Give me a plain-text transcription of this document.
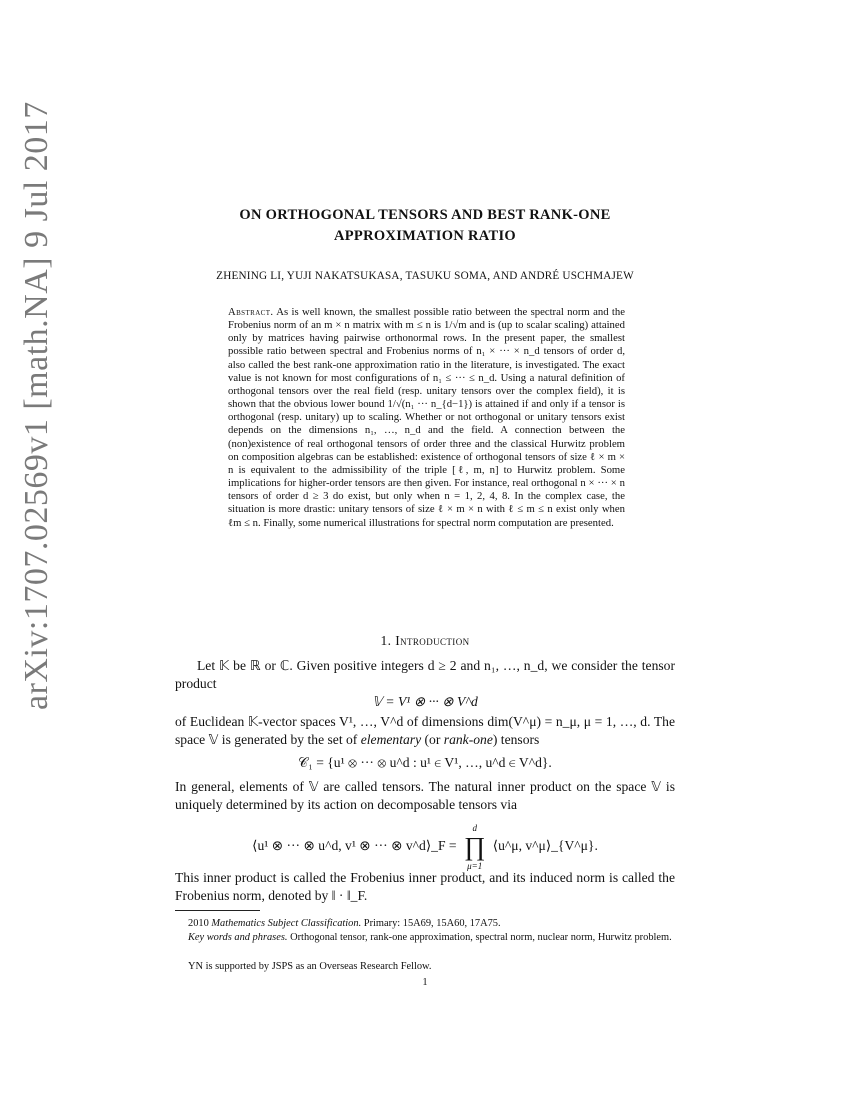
arXiv:1707.02569v1 [math.NA] 9 Jul 2017	ON ORTHOGONAL TENSORS AND BEST RANK-ONE
APPROXIMATION RATIO
ZHENING LI, YUJI NAKATSUKASA, TASUKU SOMA, AND ANDRÉ USCHMAJEW
Abstract. As is well known, the smallest possible ratio between the spectral norm and the Frobenius norm of an m × n matrix with m ≤ n is 1/√m and is (up to scalar scaling) attained only by matrices having pairwise orthonormal rows. In the present paper, the smallest possible ratio between spectral and Frobenius norms of n₁ × ··· × n_d tensors of order d, also called the best rank-one approximation ratio in the literature, is investigated. The exact value is not known for most configurations of n₁ ≤ ··· ≤ n_d. Using a natural definition of orthogonal tensors over the real field (resp. unitary tensors over the complex field), it is shown that the obvious lower bound 1/√(n₁ ··· n_{d−1}) is attained if and only if a tensor is orthogonal (resp. unitary) up to scaling. Whether or not orthogonal or unitary tensors exist depends on the dimensions n₁, …, n_d and the field. A connection between the (non)existence of real orthogonal tensors of order three and the classical Hurwitz problem on composition algebras can be established: existence of orthogonal tensors of size ℓ × m × n is equivalent to the admissibility of the triple [ℓ, m, n] to Hurwitz problem. Some implications for higher-order tensors are then given. For instance, real orthogonal n × ··· × n tensors of order d ≥ 3 do exist, but only when n = 1, 2, 4, 8. In the complex case, the situation is more drastic: unitary tensors of size ℓ × m × n with ℓ ≤ m ≤ n exist only when ℓm ≤ n. Finally, some numerical illustrations for spectral norm computation are presented.
1. Introduction
Let 𝕂 be ℝ or ℂ. Given positive integers d ≥ 2 and n₁, …, n_d, we consider the tensor product
𝕍 = V¹ ⊗ ··· ⊗ V^d
of Euclidean 𝕂-vector spaces V¹, …, V^d of dimensions dim(V^μ) = n_μ, μ = 1, …, d. The space 𝕍 is generated by the set of elementary (or rank-one) tensors
𝒞₁ = {u¹ ⊗ ··· ⊗ u^d : u¹ ∈ V¹, …, u^d ∈ V^d}.
In general, elements of 𝕍 are called tensors. The natural inner product on the space 𝕍 is uniquely determined by its action on decomposable tensors via
⟨u¹ ⊗ ··· ⊗ u^d, v¹ ⊗ ··· ⊗ v^d⟩_F =
d
∏
μ=1
⟨u^μ, v^μ⟩_{V^μ}.
This inner product is called the Frobenius inner product, and its induced norm is called the Frobenius norm, denoted by ‖ · ‖_F.
2010 Mathematics Subject Classification. Primary: 15A69, 15A60, 17A75.
Key words and phrases. Orthogonal tensor, rank-one approximation, spectral norm, nuclear norm, Hurwitz problem.
YN is supported by JSPS as an Overseas Research Fellow.
1
